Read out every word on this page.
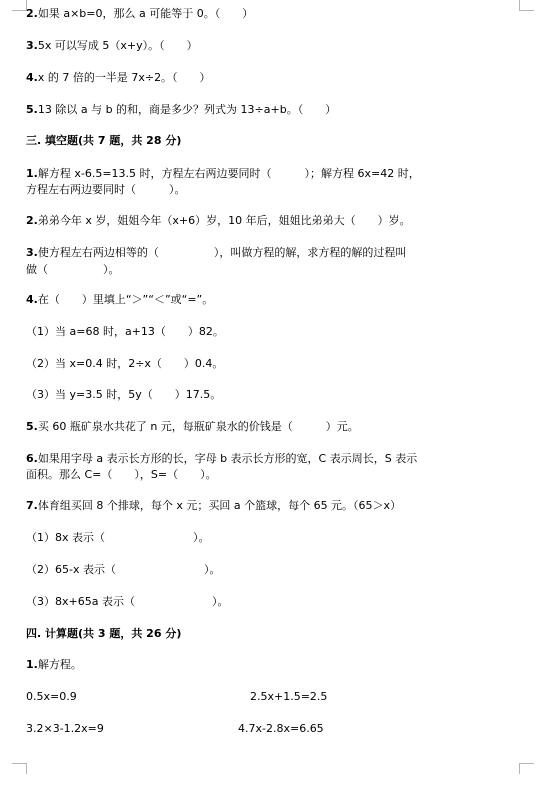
2.如果 a×b=0，那么 a 可能等于 0。（　　）
3.5x 可以写成 5（x+y）。（　　）
4.x 的 7 倍的一半是 7x÷2。（　　）
5.13 除以 a 与 b 的和，商是多少？列式为 13÷a+b。（　　）
三. 填空题(共 7 题，共 28 分)
1.解方程 x-6.5=13.5 时，方程左右两边要同时（　　　）；解方程 6x=42 时，
方程左右两边要同时（　　　）。
2.弟弟今年 x 岁，姐姐今年（x+6）岁，10 年后，姐姐比弟弟大（　　）岁。
3.使方程左右两边相等的（　　　　　），叫做方程的解，求方程的解的过程叫
做（　　　　　）。
4.在（　　）里填上“＞”“＜”或“=”。
（1）当 a=68 时，a+13（　　）82。
（2）当 x=0.4 时，2÷x（　　）0.4。
（3）当 y=3.5 时，5y（　　）17.5。
5.买 60 瓶矿泉水共花了 n 元，每瓶矿泉水的价钱是（　　　）元。
6.如果用字母 a 表示长方形的长，字母 b 表示长方形的宽，C 表示周长，S 表示
面积。那么 C=（　　），S=（　　）。
7.体育组买回 8 个排球，每个 x 元；买回 a 个篮球，每个 65 元。（65＞x）
（1）8x 表示（　　　　　　　　）。
（2）65-x 表示（　　　　　　　　）。
（3）8x+65a 表示（　　　　　　　）。
四. 计算题(共 3 题，共 26 分)
1.解方程。
0.5x=0.9	2.5x+1.5=2.5
3.2×3-1.2x=9	4.7x-2.8x=6.65
